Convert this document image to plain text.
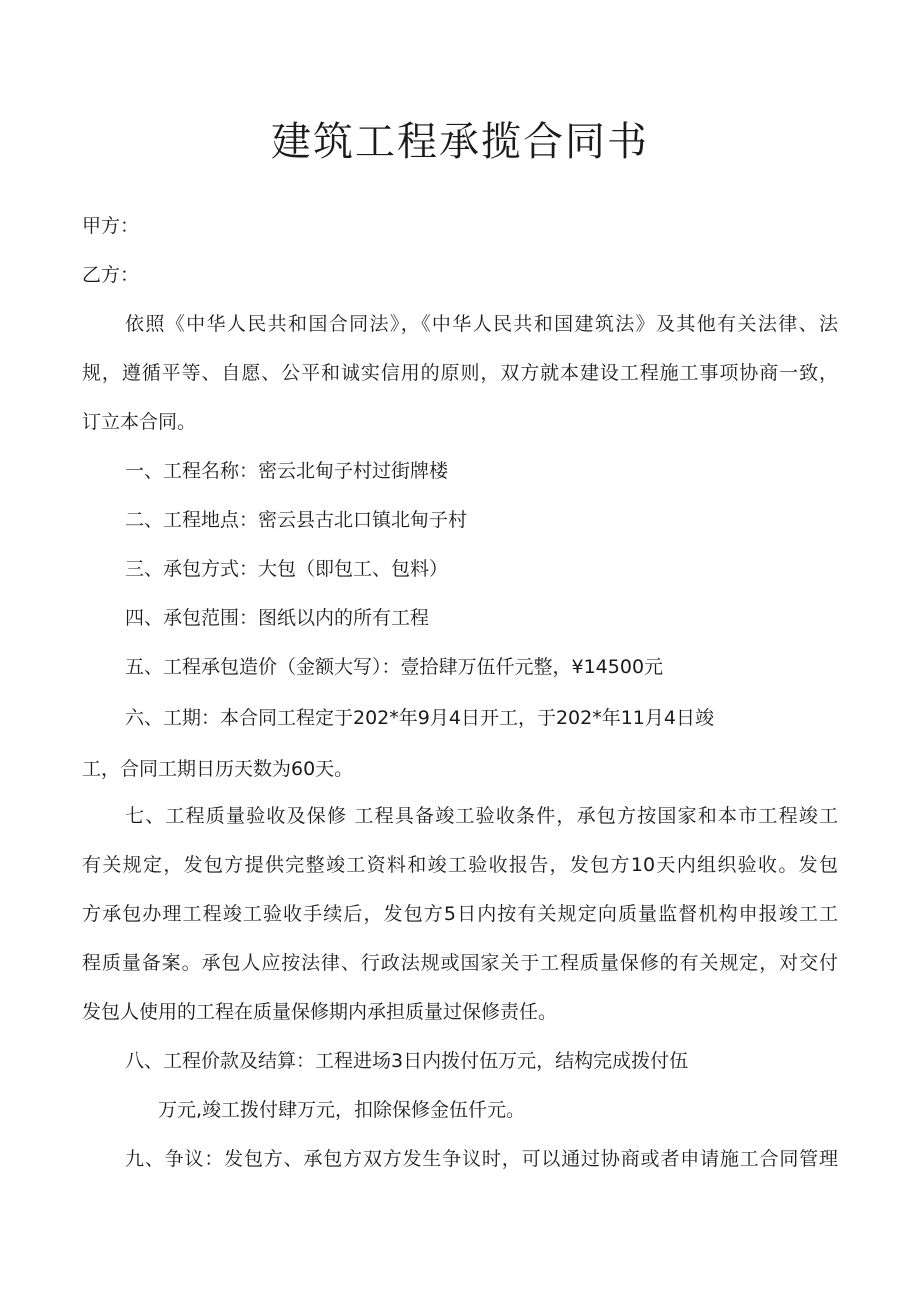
建筑工程承揽合同书

甲方：

乙方：

依照《中华人民共和国合同法》，《中华人民共和国建筑法》及其他有关法律、法

规，遵循平等、自愿、公平和诚实信用的原则，双方就本建设工程施工事项协商一致，

订立本合同。

一、工程名称：密云北甸子村过街牌楼

二、工程地点：密云县古北口镇北甸子村

三、承包方式：大包（即包工、包料）

四、承包范围：图纸以内的所有工程

五、工程承包造价（金额大写）：壹拾肆万伍仟元整，¥14500元

六、工期：本合同工程定于202*年9月4日开工，于202*年11月4日竣

工，合同工期日历天数为60天。

七、工程质量验收及保修 工程具备竣工验收条件，承包方按国家和本市工程竣工

有关规定，发包方提供完整竣工资料和竣工验收报告，发包方10天内组织验收。发包

方承包办理工程竣工验收手续后，发包方5日内按有关规定向质量监督机构申报竣工工

程质量备案。承包人应按法律、行政法规或国家关于工程质量保修的有关规定，对交付

发包人使用的工程在质量保修期内承担质量过保修责任。

八、工程价款及结算：工程进场3日内拨付伍万元，结构完成拨付伍

万元,竣工拨付肆万元，扣除保修金伍仟元。

九、争议：发包方、承包方双方发生争议时，可以通过协商或者申请施工合同管理
